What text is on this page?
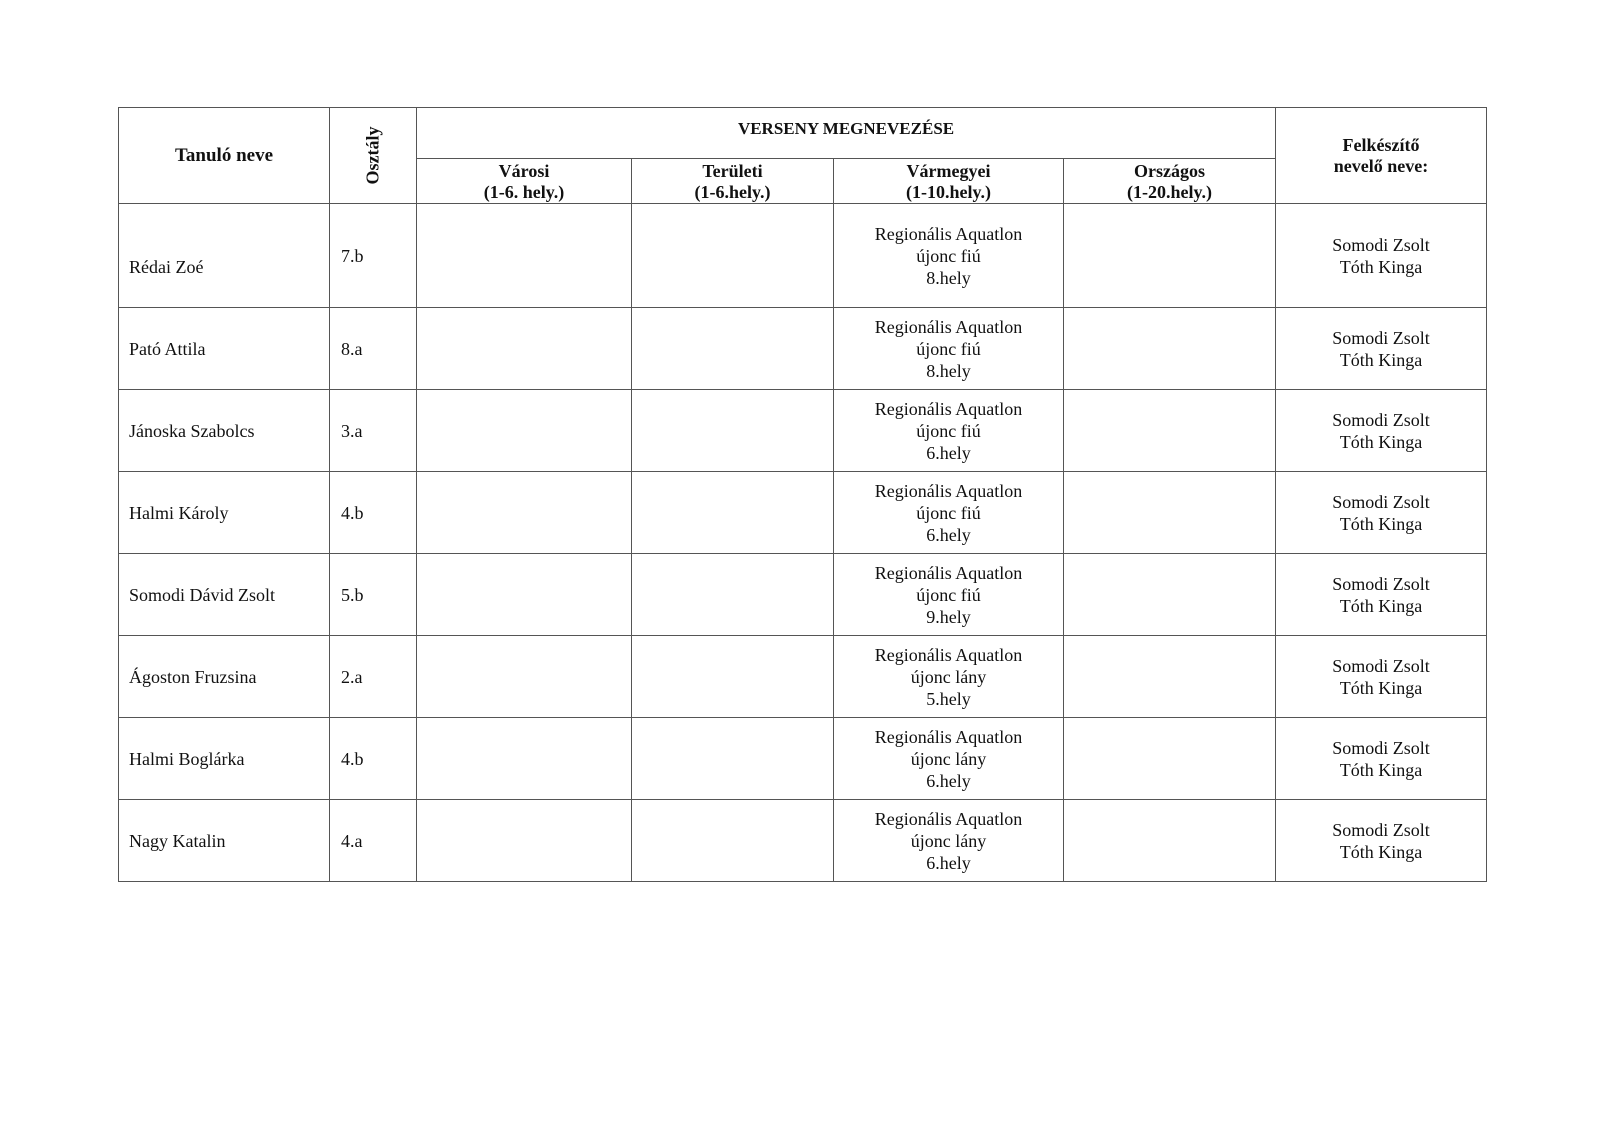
Tanuló neve	Osztály	VERSENY MEGNEVEZÉSE				Felkészítő
nevelő neve:

		Városi
(1-6. hely.)	Területi
(1-6.hely.)	Vármegyei
(1-10.hely.)	Országos
(1-20.hely.)	

Rédai Zoé	7.b			Regionális Aquatlon
újonc fiú
8.hely		Somodi Zsolt
Tóth Kinga

Pató Attila	8.a			Regionális Aquatlon
újonc fiú
8.hely		Somodi Zsolt
Tóth Kinga

Jánoska Szabolcs	3.a			Regionális Aquatlon
újonc fiú
6.hely		Somodi Zsolt
Tóth Kinga

Halmi Károly	4.b			Regionális Aquatlon
újonc fiú
6.hely		Somodi Zsolt
Tóth Kinga

Somodi Dávid Zsolt	5.b			Regionális Aquatlon
újonc fiú
9.hely		Somodi Zsolt
Tóth Kinga

Ágoston Fruzsina	2.a			Regionális Aquatlon
újonc lány
5.hely		Somodi Zsolt
Tóth Kinga

Halmi Boglárka	4.b			Regionális Aquatlon
újonc lány
6.hely		Somodi Zsolt
Tóth Kinga

Nagy Katalin	4.a			Regionális Aquatlon
újonc lány
6.hely		Somodi Zsolt
Tóth Kinga
